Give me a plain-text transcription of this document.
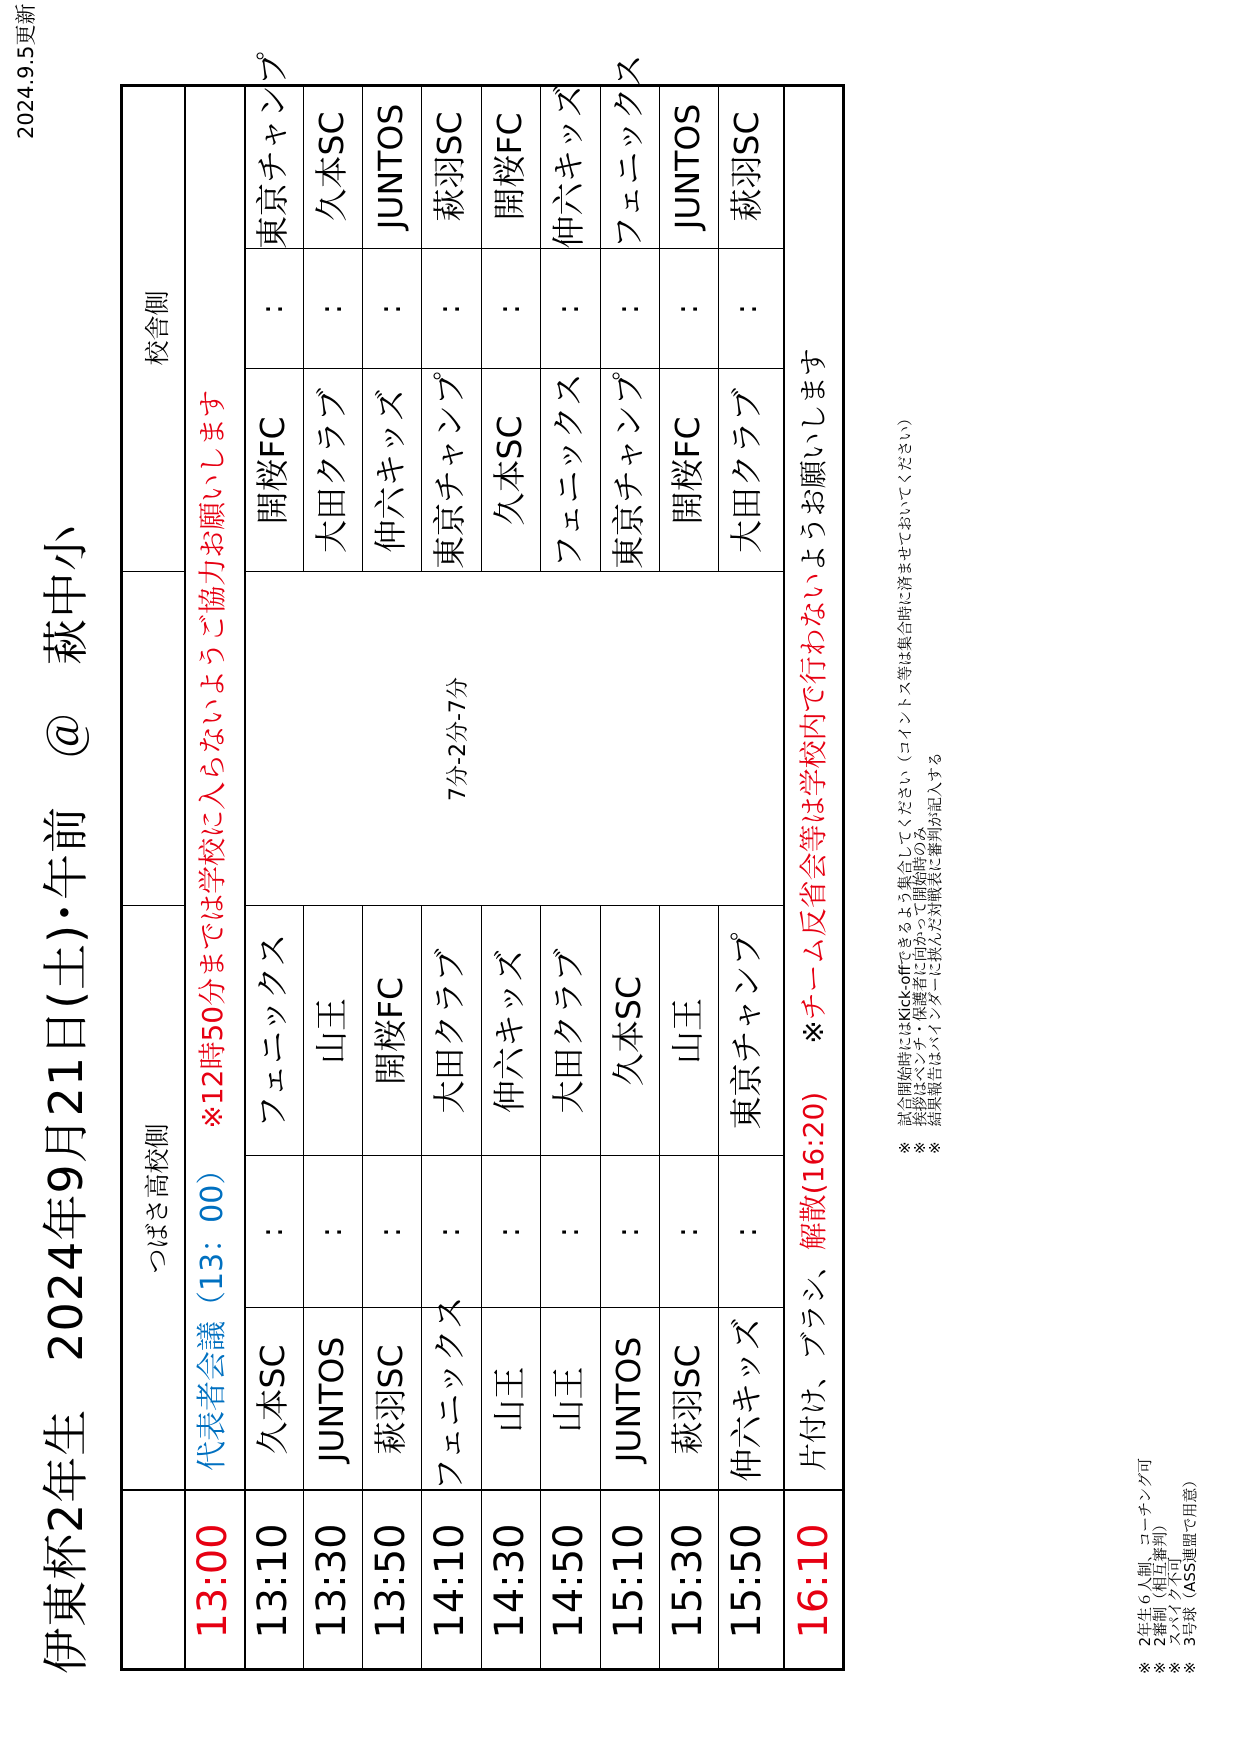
2024.9.5更新
伊東杯2年生　2024年9月21日(土)･午前　＠　萩中小 つばさ高校側
校舎側
13:00
代表者会議（13：00）※12時50分までは学校に入らないようご協力お願いします
13:10 13:30 13:50 14:10 14:30 14:50 15:10 15:30 15:50
7分-2分-7分
16:10
片付け、ブラシ、解散(16:20)　※チーム反省会等は学校内で行わないようお願いします
久本SC
:
フェニックス
開桜FC
:
東京チャンプ
JUNTOS
:
山王
大田クラブ
:
久本SC
萩羽SC
:
開桜FC
仲六キッズ
:
JUNTOS
フェニックス
:
大田クラブ
東京チャンプ
:
萩羽SC
山王
:
仲六キッズ
久本SC
:
開桜FC
山王
:
大田クラブ
フェニックス
:
仲六キッズ
JUNTOS
:
久本SC
東京チャンプ
:
フェニックス
萩羽SC
:
山王
開桜FC
:
JUNTOS
仲六キッズ
:
東京チャンプ
大田クラブ
:
萩羽SC
※　2年生６人制、コーチング可
※　2審制（相互審判）
※　スパイク不可
※　3号球（ASS連盟で用意）
※　試合開始時にはKick-offできるよう集合してください（コイントス等は集合時に済ませておいてください）
※　挨拶はベンチ・保護者に向かって開始時のみ
※　結果報告はバインダーに挟んだ対戦表に審判が記入する
